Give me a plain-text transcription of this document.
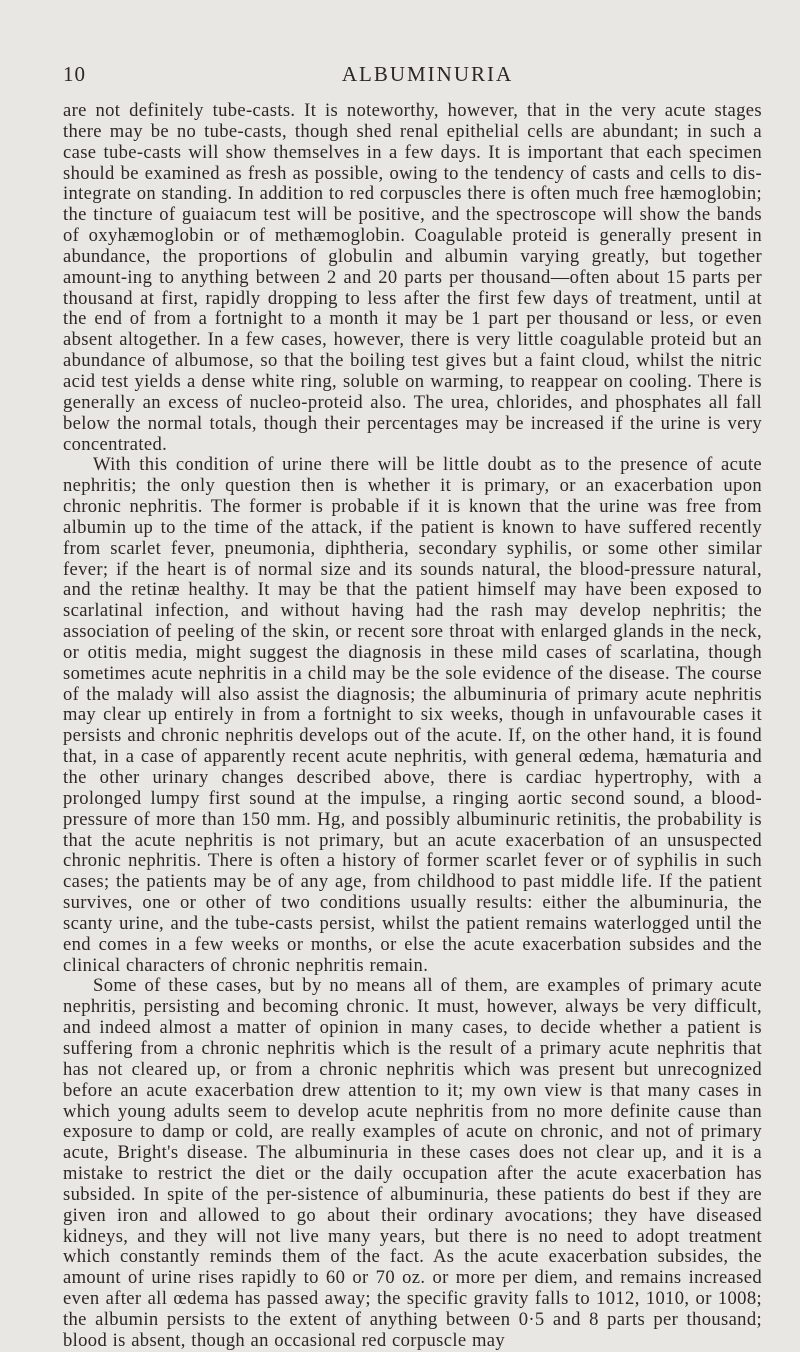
10	ALBUMINURIA

are not definitely tube-casts. It is noteworthy, however, that in the very acute stages there may be no tube-casts, though shed renal epithelial cells are abundant; in such a case tube-casts will show themselves in a few days. It is important that each specimen should be examined as fresh as possible, owing to the tendency of casts and cells to dis-integrate on standing. In addition to red corpuscles there is often much free hæmoglobin; the tincture of guaiacum test will be positive, and the spectroscope will show the bands of oxyhæmoglobin or of methæmoglobin. Coagulable proteid is generally present in abundance, the proportions of globulin and albumin varying greatly, but together amount-ing to anything between 2 and 20 parts per thousand—often about 15 parts per thousand at first, rapidly dropping to less after the first few days of treatment, until at the end of from a fortnight to a month it may be 1 part per thousand or less, or even absent altogether. In a few cases, however, there is very little coagulable proteid but an abundance of albumose, so that the boiling test gives but a faint cloud, whilst the nitric acid test yields a dense white ring, soluble on warming, to reappear on cooling. There is generally an excess of nucleo-proteid also. The urea, chlorides, and phosphates all fall below the normal totals, though their percentages may be increased if the urine is very concentrated.

With this condition of urine there will be little doubt as to the presence of acute nephritis; the only question then is whether it is primary, or an exacerbation upon chronic nephritis. The former is probable if it is known that the urine was free from albumin up to the time of the attack, if the patient is known to have suffered recently from scarlet fever, pneumonia, diphtheria, secondary syphilis, or some other similar fever; if the heart is of normal size and its sounds natural, the blood-pressure natural, and the retinæ healthy. It may be that the patient himself may have been exposed to scarlatinal infection, and without having had the rash may develop nephritis; the association of peeling of the skin, or recent sore throat with enlarged glands in the neck, or otitis media, might suggest the diagnosis in these mild cases of scarlatina, though sometimes acute nephritis in a child may be the sole evidence of the disease. The course of the malady will also assist the diagnosis; the albuminuria of primary acute nephritis may clear up entirely in from a fortnight to six weeks, though in unfavourable cases it persists and chronic nephritis develops out of the acute. If, on the other hand, it is found that, in a case of apparently recent acute nephritis, with general œdema, hæmaturia and the other urinary changes described above, there is cardiac hypertrophy, with a prolonged lumpy first sound at the impulse, a ringing aortic second sound, a blood-pressure of more than 150 mm. Hg, and possibly albuminuric retinitis, the probability is that the acute nephritis is not primary, but an acute exacerbation of an unsuspected chronic nephritis. There is often a history of former scarlet fever or of syphilis in such cases; the patients may be of any age, from childhood to past middle life. If the patient survives, one or other of two conditions usually results: either the albuminuria, the scanty urine, and the tube-casts persist, whilst the patient remains waterlogged until the end comes in a few weeks or months, or else the acute exacerbation subsides and the clinical characters of chronic nephritis remain.

Some of these cases, but by no means all of them, are examples of primary acute nephritis, persisting and becoming chronic. It must, however, always be very difficult, and indeed almost a matter of opinion in many cases, to decide whether a patient is suffering from a chronic nephritis which is the result of a primary acute nephritis that has not cleared up, or from a chronic nephritis which was present but unrecognized before an acute exacerbation drew attention to it; my own view is that many cases in which young adults seem to develop acute nephritis from no more definite cause than exposure to damp or cold, are really examples of acute on chronic, and not of primary acute, Bright's disease. The albuminuria in these cases does not clear up, and it is a mistake to restrict the diet or the daily occupation after the acute exacerbation has subsided. In spite of the per-sistence of albuminuria, these patients do best if they are given iron and allowed to go about their ordinary avocations; they have diseased kidneys, and they will not live many years, but there is no need to adopt treatment which constantly reminds them of the fact. As the acute exacerbation subsides, the amount of urine rises rapidly to 60 or 70 oz. or more per diem, and remains increased even after all œdema has passed away; the specific gravity falls to 1012, 1010, or 1008; the albumin persists to the extent of anything between 0·5 and 8 parts per thousand; blood is absent, though an occasional red corpuscle may
